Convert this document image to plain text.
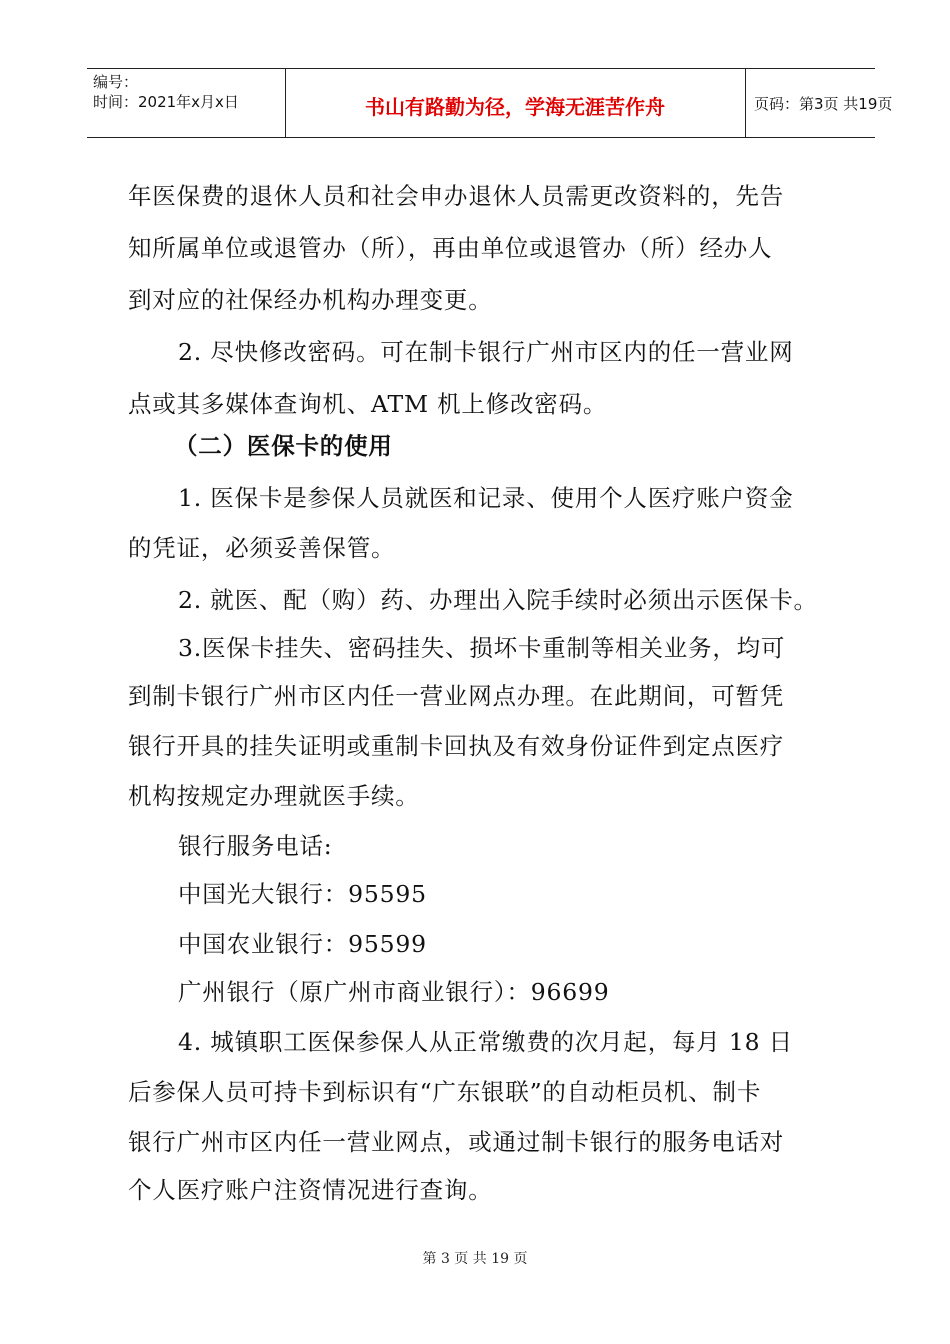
编号：
时间：2021年x月x日	书山有路勤为径，学海无涯苦作舟	页码：第3页 共19页
年医保费的退休人员和社会申办退休人员需更改资料的，先告
知所属单位或退管办（所），再由单位或退管办（所）经办人
到对应的社保经办机构办理变更。
2. 尽快修改密码。可在制卡银行广州市区内的任一营业网
点或其多媒体查询机、ATM 机上修改密码。
（二）医保卡的使用
1. 医保卡是参保人员就医和记录、使用个人医疗账户资金
的凭证，必须妥善保管。
2. 就医、配（购）药、办理出入院手续时必须出示医保卡。
3.医保卡挂失、密码挂失、损坏卡重制等相关业务，均可
到制卡银行广州市区内任一营业网点办理。在此期间，可暂凭
银行开具的挂失证明或重制卡回执及有效身份证件到定点医疗
机构按规定办理就医手续。
银行服务电话:
中国光大银行：95595
中国农业银行：95599
广州银行（原广州市商业银行）：96699
4. 城镇职工医保参保人从正常缴费的次月起，每月 18 日
后参保人员可持卡到标识有“广东银联”的自动柜员机、制卡
银行广州市区内任一营业网点，或通过制卡银行的服务电话对
个人医疗账户注资情况进行查询。
第 3 页 共 19 页
